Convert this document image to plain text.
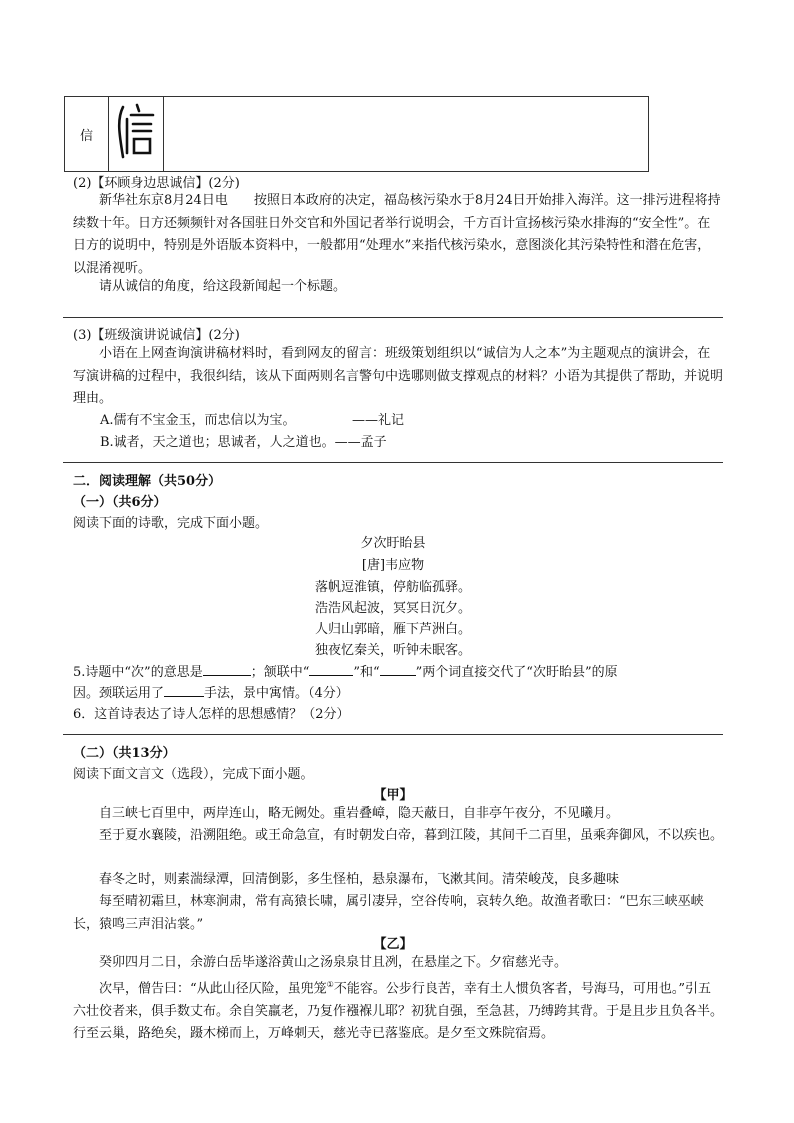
信		
(2)【环顾身边思诚信】(2分)
新华社东京8月24日电　　按照日本政府的决定，福岛核污染水于8月24日开始排入海洋。这一排污进程将持续数十年。日方还频频针对各国驻日外交官和外国记者举行说明会，千方百计宣扬核污染水排海的“安全性”。在日方的说明中，特别是外语版本资料中，一般都用“处理水”来指代核污染水，意图淡化其污染特性和潜在危害，以混淆视听。
请从诚信的角度，给这段新闻起一个标题。
(3)【班级演讲说诚信】(2分)
小语在上网查询演讲稿材料时，看到网友的留言：班级策划组织以“诚信为人之本”为主题观点的演讲会，在写演讲稿的过程中，我很纠结，该从下面两则名言警句中选哪则做支撑观点的材料？小语为其提供了帮助，并说明理由。
A.儒有不宝金玉，而忠信以为宝。	——礼记
B.诚者，天之道也；思诚者，人之道也。——孟子
二．阅读理解（共50分）
（一）（共6分）
阅读下面的诗歌，完成下面小题。
夕次盱眙县
[唐]韦应物
落帆逗淮镇，停舫临孤驿。
浩浩风起波，冥冥日沉夕。
人归山郭暗，雁下芦洲白。
独夜忆秦关，听钟未眠客。
5.诗题中“次”的意思是	；颔联中“	”和“	”两个词直接交代了“次盱眙县”的原
因。颈联运用了	手法，景中寓情。（4分）
6．这首诗表达了诗人怎样的思想感情？（2分）
（二）（共13分）
阅读下面文言文（选段），完成下面小题。
【甲】
自三峡七百里中，两岸连山，略无阙处。重岩叠嶂，隐天蔽日，自非亭午夜分，不见曦月。
至于夏水襄陵，沿溯阻绝。或王命急宣，有时朝发白帝，暮到江陵，其间千二百里，虽乘奔御风，不以疾也。
春冬之时，则素湍绿潭，回清倒影，多生怪柏，悬泉瀑布，飞漱其间。清荣峻茂，良多趣味
每至晴初霜旦，林寒涧肃，常有高猿长啸，属引凄异，空谷传响，哀转久绝。故渔者歌曰：“巴东三峡巫峡长，猿鸣三声泪沾裳。”
【乙】
癸卯四月二日，余游白岳毕遂浴黄山之汤泉泉甘且冽，在悬崖之下。夕宿慈光寺。
次早，僧告曰：“从此山径仄险，虽兜笼①不能容。公步行良苦，幸有土人惯负客者，号海马，可用也。”引五六壮佼者来，俱手数丈布。余自笑羸老，乃复作襁褓儿耶？初犹自强，至急甚，乃缚跨其背。于是且步且负各半。行至云巢，路绝矣，蹑木梯而上，万峰刺天，慈光寺已落鉴底。是夕至文殊院宿焉。
